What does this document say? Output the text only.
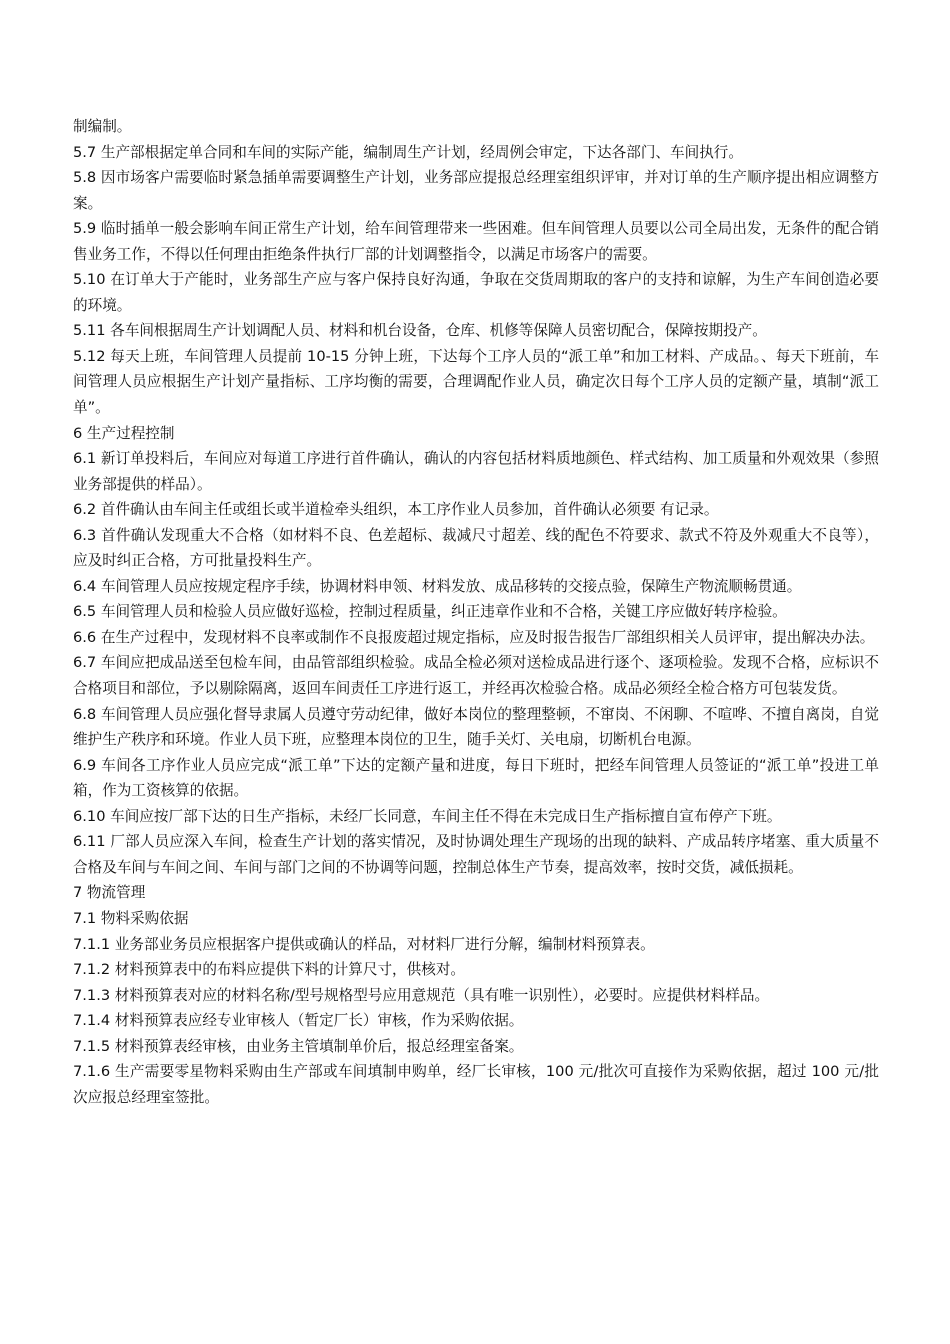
制编制。

5.7 生产部根据定单合同和车间的实际产能，编制周生产计划，经周例会审定，下达各部门、车间执行。

5.8 因市场客户需要临时紧急插单需要调整生产计划，业务部应提报总经理室组织评审，并对订单的生产顺序提出相应调整方案。

5.9 临时插单一般会影响车间正常生产计划，给车间管理带来一些困难。但车间管理人员要以公司全局出发，无条件的配合销售业务工作，不得以任何理由拒绝条件执行厂部的计划调整指令，以满足市场客户的需要。

5.10 在订单大于产能时，业务部生产应与客户保持良好沟通，争取在交货周期取的客户的支持和谅解，为生产车间创造必要的环境。

5.11 各车间根据周生产计划调配人员、材料和机台设备，仓库、机修等保障人员密切配合，保障按期投产。

5.12 每天上班，车间管理人员提前 10-15 分钟上班，下达每个工序人员的“派工单”和加工材料、产成品。、每天下班前，车间管理人员应根据生产计划产量指标、工序均衡的需要，合理调配作业人员，确定次日每个工序人员的定额产量，填制“派工单”。

6 生产过程控制

6.1 新订单投料后，车间应对每道工序进行首件确认，确认的内容包括材料质地颜色、样式结构、加工质量和外观效果（参照业务部提供的样品）。

6.2 首件确认由车间主任或组长或半道检牵头组织，本工序作业人员参加，首件确认必须要 有记录。

6.3 首件确认发现重大不合格（如材料不良、色差超标、裁减尺寸超差、线的配色不符要求、款式不符及外观重大不良等），应及时纠正合格，方可批量投料生产。

6.4 车间管理人员应按规定程序手续，协调材料申领、材料发放、成品移转的交接点验，保障生产物流顺畅贯通。

6.5 车间管理人员和检验人员应做好巡检，控制过程质量，纠正违章作业和不合格，关键工序应做好转序检验。

6.6 在生产过程中，发现材料不良率或制作不良报废超过规定指标，应及时报告报告厂部组织相关人员评审，提出解决办法。

6.7 车间应把成品送至包检车间，由品管部组织检验。成品全检必须对送检成品进行逐个、逐项检验。发现不合格，应标识不合格项目和部位，予以剔除隔离，返回车间责任工序进行返工，并经再次检验合格。成品必须经全检合格方可包装发货。

6.8 车间管理人员应强化督导隶属人员遵守劳动纪律，做好本岗位的整理整顿，不窜岗、不闲聊、不喧哗、不擅自离岗，自觉维护生产秩序和环境。作业人员下班，应整理本岗位的卫生，随手关灯、关电扇，切断机台电源。

6.9 车间各工序作业人员应完成“派工单”下达的定额产量和进度，每日下班时，把经车间管理人员签证的“派工单”投进工单箱，作为工资核算的依据。

6.10 车间应按厂部下达的日生产指标，未经厂长同意，车间主任不得在未完成日生产指标擅自宣布停产下班。

6.11 厂部人员应深入车间，检查生产计划的落实情况，及时协调处理生产现场的出现的缺料、产成品转序堵塞、重大质量不合格及车间与车间之间、车间与部门之间的不协调等问题，控制总体生产节奏，提高效率，按时交货，减低损耗。

7 物流管理

7.1 物料采购依据

7.1.1 业务部业务员应根据客户提供或确认的样品，对材料厂进行分解，编制材料预算表。

7.1.2 材料预算表中的布料应提供下料的计算尺寸，供核对。

7.1.3 材料预算表对应的材料名称/型号规格型号应用意规范（具有唯一识别性），必要时。应提供材料样品。

7.1.4 材料预算表应经专业审核人（暂定厂长）审核，作为采购依据。

7.1.5 材料预算表经审核，由业务主管填制单价后，报总经理室备案。

7.1.6 生产需要零星物料采购由生产部或车间填制申购单，经厂长审核，100 元/批次可直接作为采购依据，超过 100 元/批次应报总经理室签批。
